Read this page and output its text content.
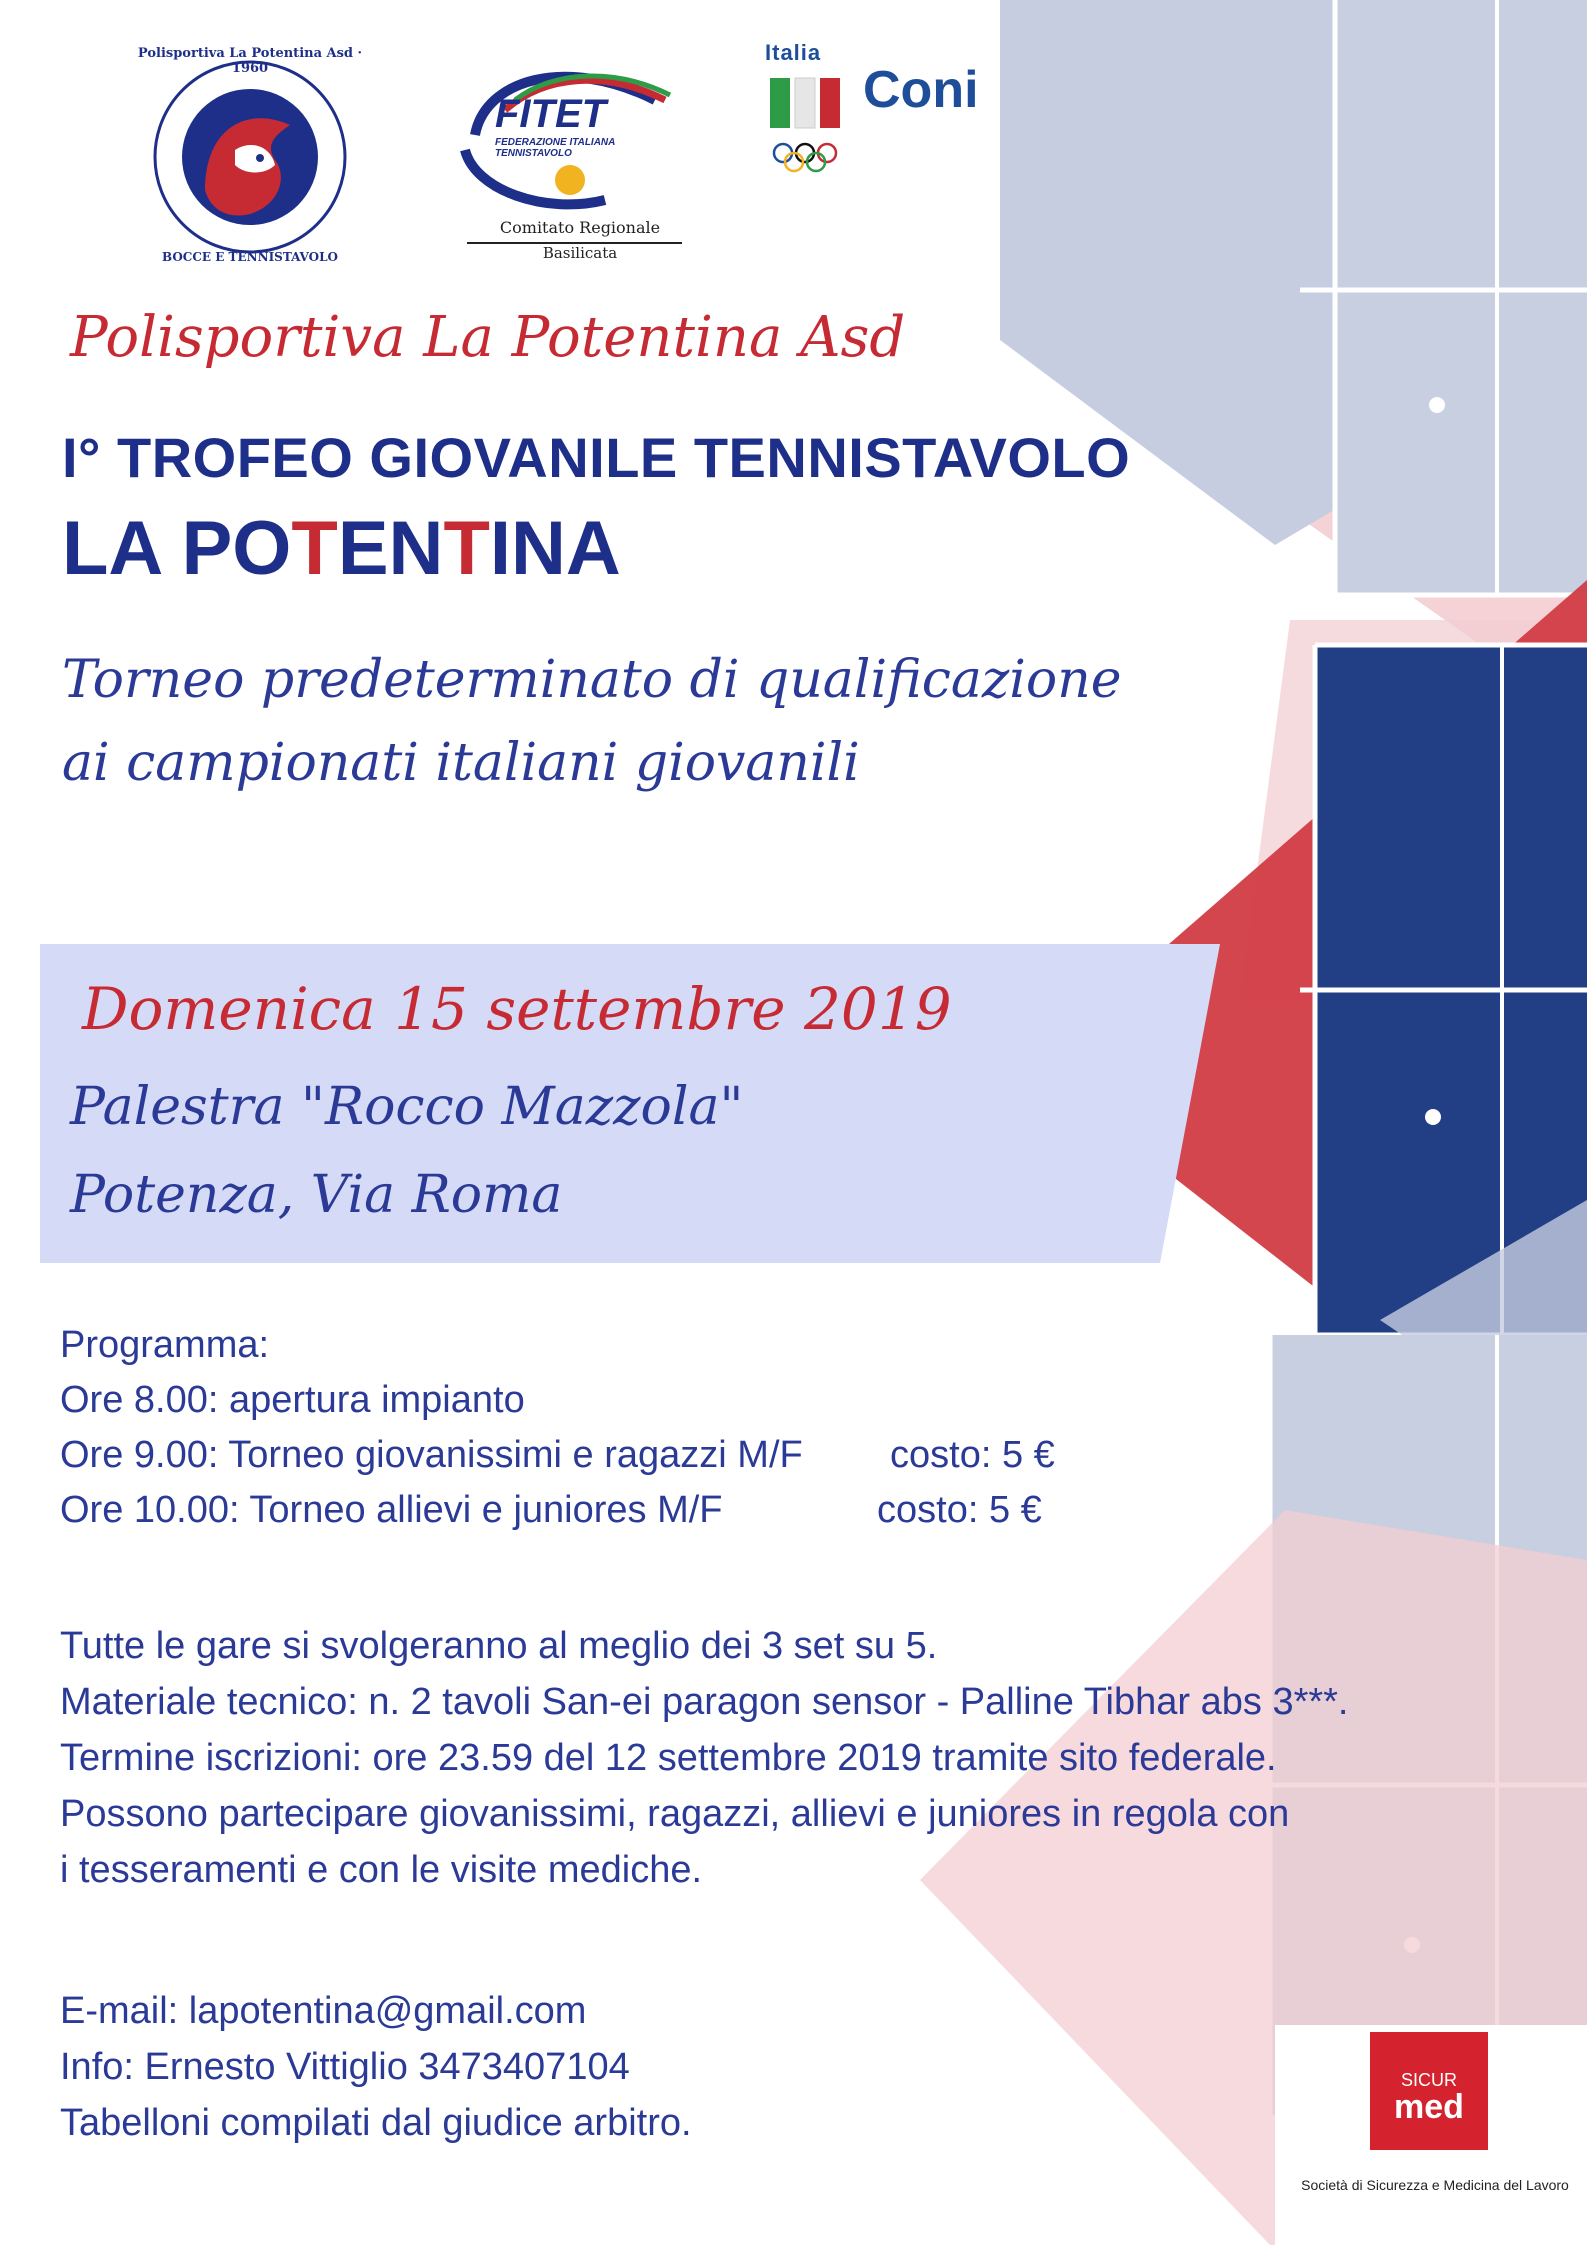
Polisportiva La Potentina Asd · 1960
BOCCE E TENNISTAVOLO
FITET
FEDERAZIONE ITALIANA TENNISTAVOLO
Comitato Regionale
Basilicata
Italia
Coni
Polisportiva La Potentina Asd
I° TROFEO GIOVANILE TENNISTAVOLO
LA POTENTINA
Torneo predeterminato di qualificazione
ai campionati italiani giovanili
Domenica 15 settembre 2019
Palestra "Rocco Mazzola"
Potenza, Via Roma

Programma:

Ore 8.00: apertura impianto

Ore 9.00: Torneo giovanissimi e ragazzi M/F costo: 5 €

Ore 10.00: Torneo allievi e juniores M/F	costo: 5 €

Tutte le gare si svolgeranno al meglio dei 3 set su 5.

Materiale tecnico: n. 2 tavoli San-ei paragon sensor - Palline Tibhar abs 3***.

Termine iscrizioni: ore 23.59 del 12 settembre 2019 tramite sito federale.

Possono partecipare giovanissimi, ragazzi, allievi e juniores in regola con

i tesseramenti e con le visite mediche.

E-mail: lapotentina@gmail.com

Info: Ernesto Vittiglio 3473407104

Tabelloni compilati dal giudice arbitro.

SICUR
med
Società di Sicurezza e Medicina del Lavoro
